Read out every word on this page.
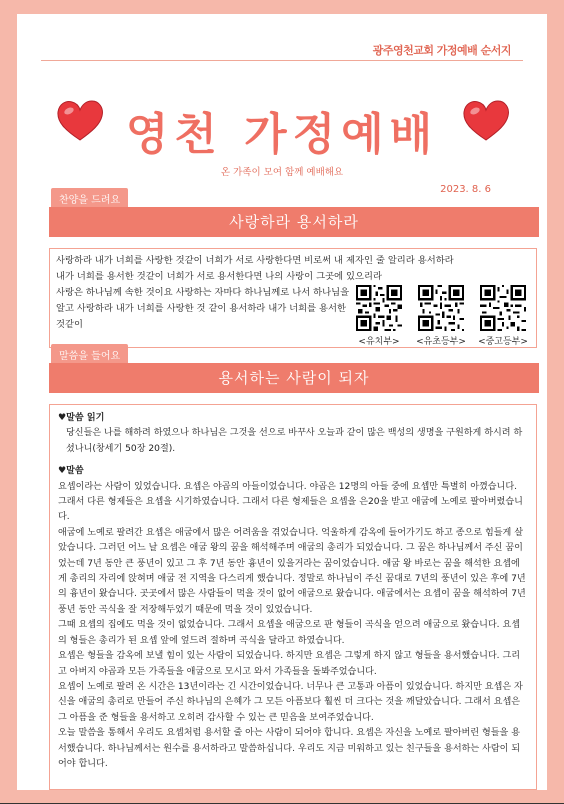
광주영천교회 가정예배 순서지
영천 가정예배
온 가족이 모여 함께 예배해요
2023. 8. 6
찬양을 드려요
사랑하라 용서하라
사랑하라 내가 너희를 사랑한 것같이 너희가 서로 사랑한다면 비로써 내 제자인 줄 알리라 용서하라
내가 너희를 용서한 것같이 너희가 서로 용서한다면 나의 사랑이 그곳에 있으리라
사랑은 하나님께 속한 것이요 사랑하는 자마다 하나님께로 나서 하나님을 알고 사랑하라 내가 너희를 사랑한 것 같이 용서하라 내가 너희를 용서한 것같이
<유치부> <유초등부> <중고등부>
말씀을 들어요
용서하는 사람이 되자

♥말씀 읽기

당신들은 나를 해하려 하였으나 하나님은 그것을 선으로 바꾸사 오늘과 같이 많은 백성의 생명을 구원하게 하시려 하셨나니(창세기 50장 20절).

♥말씀

요셉이라는 사람이 있었습니다. 요셉은 야곱의 아들이었습니다. 야곱은 12명의 아들 중에 요셉만 특별히 아꼈습니다. 그래서 다른 형제들은 요셉을 시기하였습니다. 그래서 다른 형제들은 요셉을 은20을 받고 애굽에 노예로 팔아버렸습니다.

애굽에 노예로 팔려간 요셉은 애굽에서 많은 어려움을 겪었습니다. 억울하게 감옥에 들어가기도 하고 종으로 힘들게 살았습니다. 그러던 어느 날 요셉은 애굽 왕의 꿈을 해석해주며 애굽의 총리가 되었습니다. 그 꿈은 하나님께서 주신 꿈이었는데 7년 동안 큰 풍년이 있고 그 후 7년 동안 흉년이 있을거라는 꿈이었습니다. 애굽 왕 바로는 꿈을 해석한 요셉에게 총리의 자리에 앉혀며 애굽 전 지역을 다스리게 했습니다. 정말로 하나님이 주신 꿈대로 7년의 풍년이 있은 후에 7년의 흉년이 왔습니다. 곳곳에서 많은 사람들이 먹을 것이 없어 애굽으로 왔습니다. 애굽에서는 요셉이 꿈을 해석하여 7년 풍년 동안 곡식을 잘 저장해두었기 때문에 먹을 것이 있었습니다.

그때 요셉의 집에도 먹을 것이 없었습니다. 그래서 요셉을 애굽으로 판 형들이 곡식을 얻으려 애굽으로 왔습니다. 요셉의 형들은 총리가 된 요셉 앞에 엎드려 절하며 곡식을 달라고 하였습니다.

요셉은 형들을 감옥에 보낼 힘이 있는 사람이 되었습니다. 하지만 요셉은 그렇게 하지 않고 형들을 용서했습니다. 그리고 아버지 야곱과 모든 가족들을 애굽으로 모시고 와서 가족들을 돌봐주었습니다.

요셉이 노예로 팔려 온 시간은 13년이라는 긴 시간이었습니다. 너무나 큰 고통과 아픔이 있었습니다. 하지만 요셉은 자신을 애굽의 총리로 만들어 주신 하나님의 은혜가 그 모든 아픔보다 훨씬 더 크다는 것을 깨달았습니다. 그래서 요셉은 그 아픔을 준 형들을 용서하고 오히려 감사할 수 있는 큰 믿음을 보여주었습니다.

오늘 말씀을 통해서 우리도 요셉처럼 용서할 줄 아는 사람이 되어야 합니다. 요셉은 자신을 노예로 팔아버린 형들을 용서했습니다. 하나님께서는 원수를 용서하라고 말씀하십니다. 우리도 지금 미워하고 있는 친구들을 용서하는 사람이 되어야 합니다.
